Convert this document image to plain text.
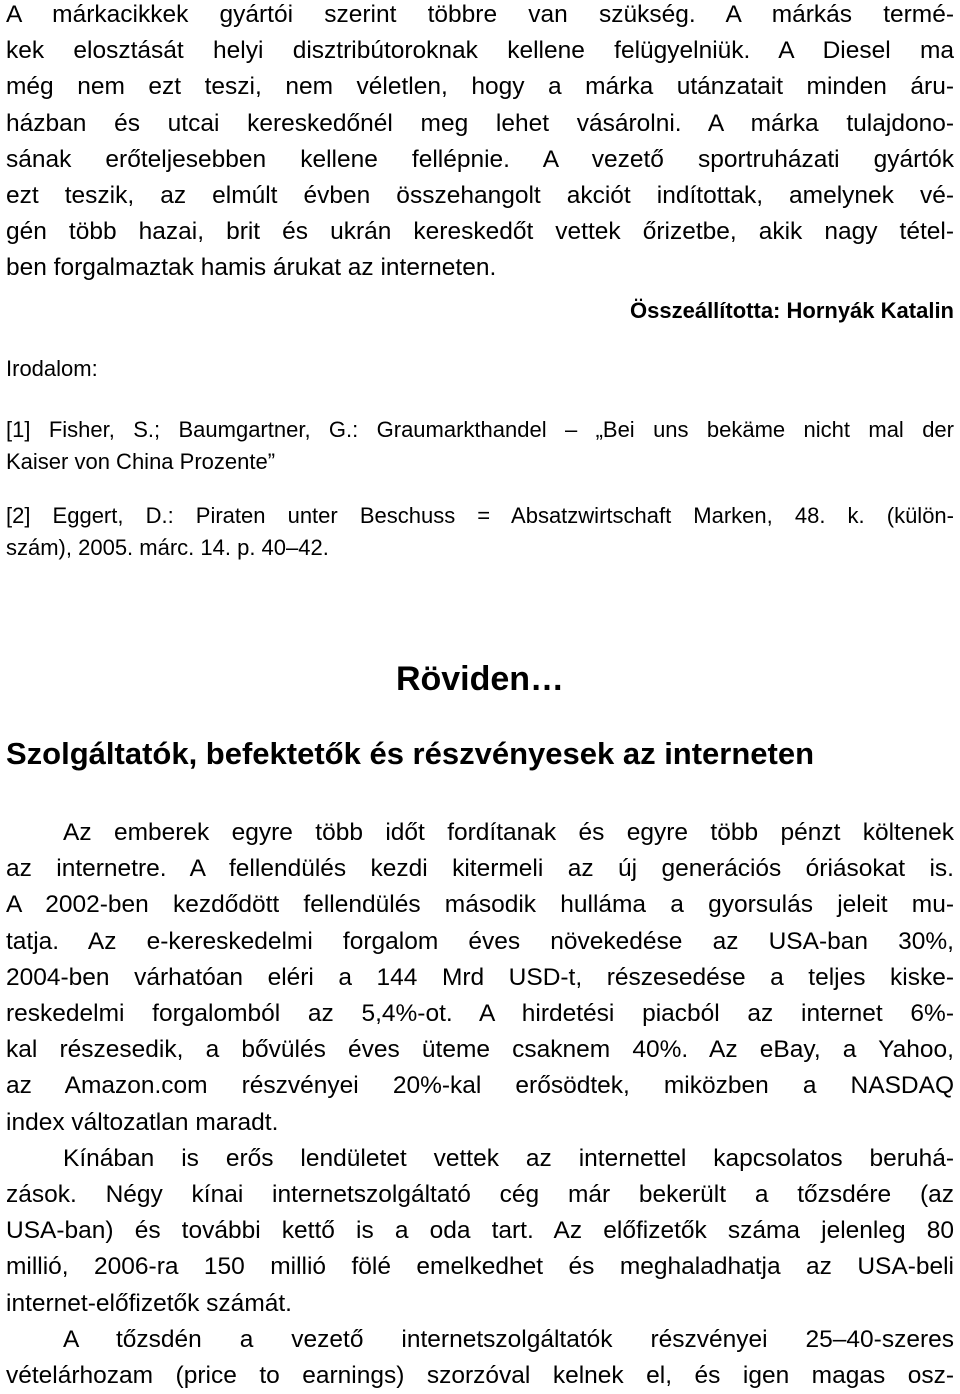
A márkacikkek gyártói szerint többre van szükség. A márkás termé-
kek elosztását helyi disztribútoroknak kellene felügyelniük. A Diesel ma
még nem ezt teszi, nem véletlen, hogy a márka utánzatait minden áru-
házban és utcai kereskedőnél meg lehet vásárolni. A márka tulajdono-
sának erőteljesebben kellene fellépnie. A vezető sportruházati gyártók
ezt teszik, az elmúlt évben összehangolt akciót indítottak, amelynek vé-
gén több hazai, brit és ukrán kereskedőt vettek őrizetbe, akik nagy tétel-
ben forgalmaztak hamis árukat az interneten.
Összeállította: Hornyák Katalin
Irodalom:
[1] Fisher, S.; Baumgartner, G.: Graumarkthandel – „Bei uns bekäme nicht mal der
Kaiser von China Prozente”
[2] Eggert, D.: Piraten unter Beschuss = Absatzwirtschaft Marken, 48. k. (külön-
szám), 2005. márc. 14. p. 40–42.
Röviden…
Szolgáltatók, befektetők és részvényesek az interneten
Az emberek egyre több időt fordítanak és egyre több pénzt költenek
az internetre. A fellendülés kezdi kitermeli az új generációs óriásokat is.
A 2002-ben kezdődött fellendülés második hulláma a gyorsulás jeleit mu-
tatja. Az e-kereskedelmi forgalom éves növekedése az USA-ban 30%,
2004-ben várhatóan eléri a 144 Mrd USD-t, részesedése a teljes kiske-
reskedelmi forgalomból az 5,4%-ot. A hirdetési piacból az internet 6%-
kal részesedik, a bővülés éves üteme csaknem 40%. Az eBay, a Yahoo,
az Amazon.com részvényei 20%-kal erősödtek, miközben a NASDAQ
index változatlan maradt.
Kínában is erős lendületet vettek az internettel kapcsolatos beruhá-
zások. Négy kínai internetszolgáltató cég már bekerült a tőzsdére (az
USA-ban) és további kettő is a oda tart. Az előfizetők száma jelenleg 80
millió, 2006-ra 150 millió fölé emelkedhet és meghaladhatja az USA-beli
internet-előfizetők számát.
A tőzsdén a vezető internetszolgáltatók részvényei 25–40-szeres
vételárhozam (price to earnings) szorzóval kelnek el, és igen magas osz-
